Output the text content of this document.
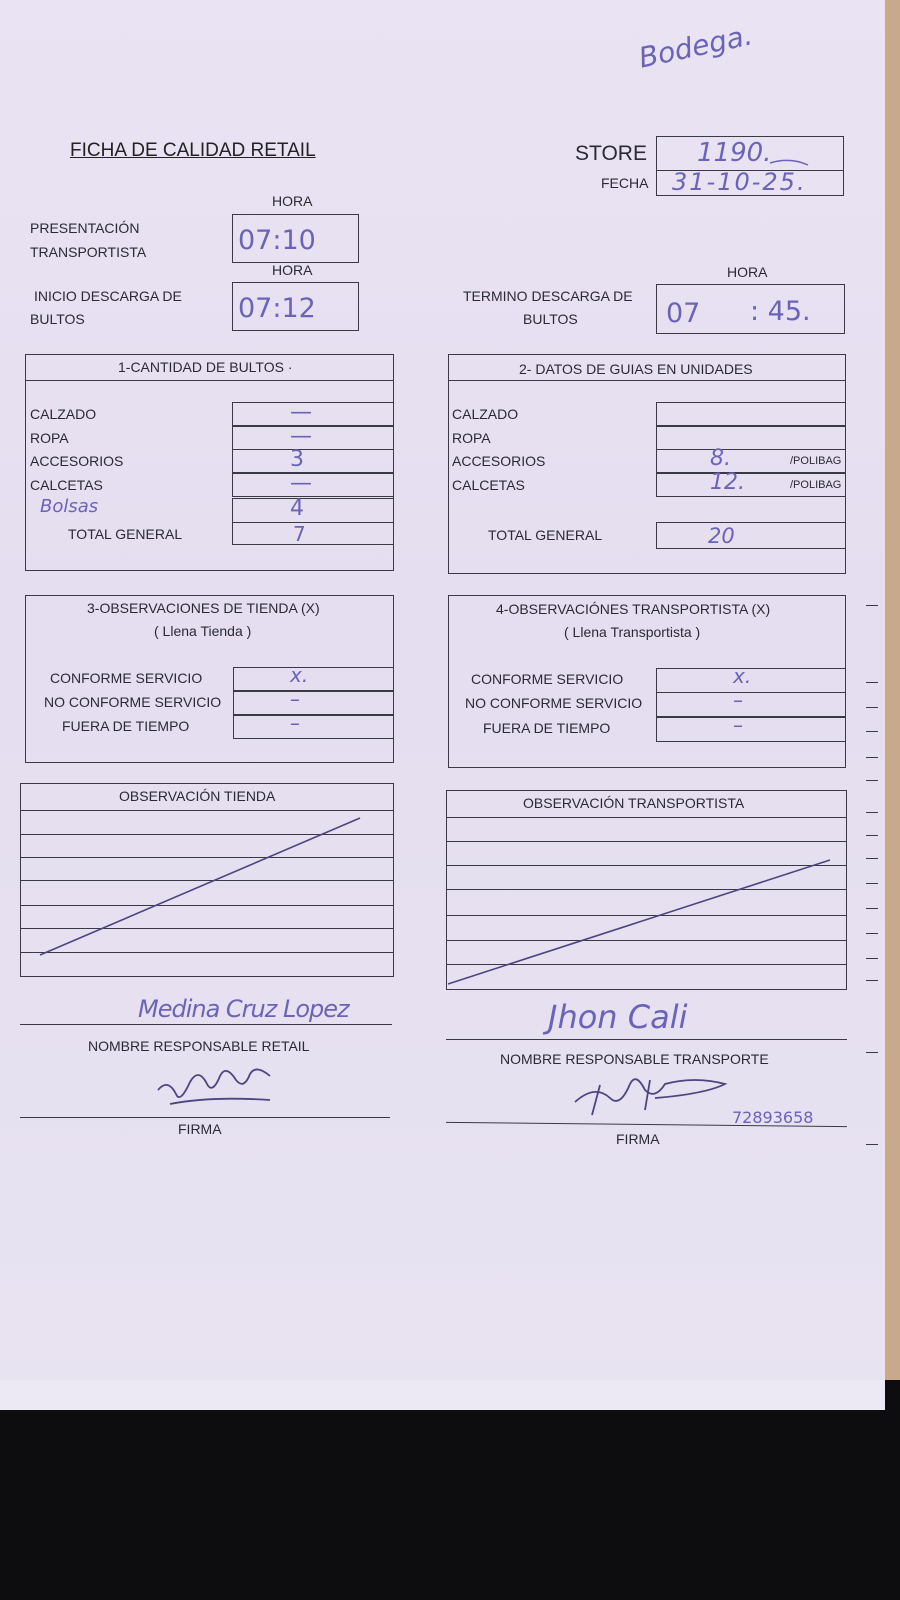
Bodega.
FICHA DE CALIDAD RETAIL	STORE 1190.
FECHA 31-10-25.
HORA
PRESENTACIÓN
TRANSPORTISTA	07:10
HORA
INICIO DESCARGA DE
BULTOS	07:12
HORA
TERMINO DESCARGA DE
BULTOS	07 : 45.
1-CANTIDAD DE BULTOS ·
CALZADO	—
ROPA	—
ACCESORIOS	3
CALCETAS	—
Bolsas	4
TOTAL GENERAL	7
2- DATOS DE GUIAS EN UNIDADES
CALZADO
ROPA
ACCESORIOS	8.	/POLIBAG
CALCETAS	12.	/POLIBAG
TOTAL GENERAL	20
3-OBSERVACIONES DE TIENDA (X)
( Llena Tienda )
CONFORME SERVICIO	x.
NO CONFORME SERVICIO	–
FUERA DE TIEMPO	–
4-OBSERVACIÓNES TRANSPORTISTA (X)
( Llena Transportista )
CONFORME SERVICIO	x.
NO CONFORME SERVICIO	–
FUERA DE TIEMPO	–
OBSERVACIÓN TIENDA	OBSERVACIÓN TRANSPORTISTA
Medina Cruz Lopez
NOMBRE RESPONSABLE RETAIL
Jhon Cali
NOMBRE RESPONSABLE TRANSPORTE
FIRMA
FIRMA
72893658
